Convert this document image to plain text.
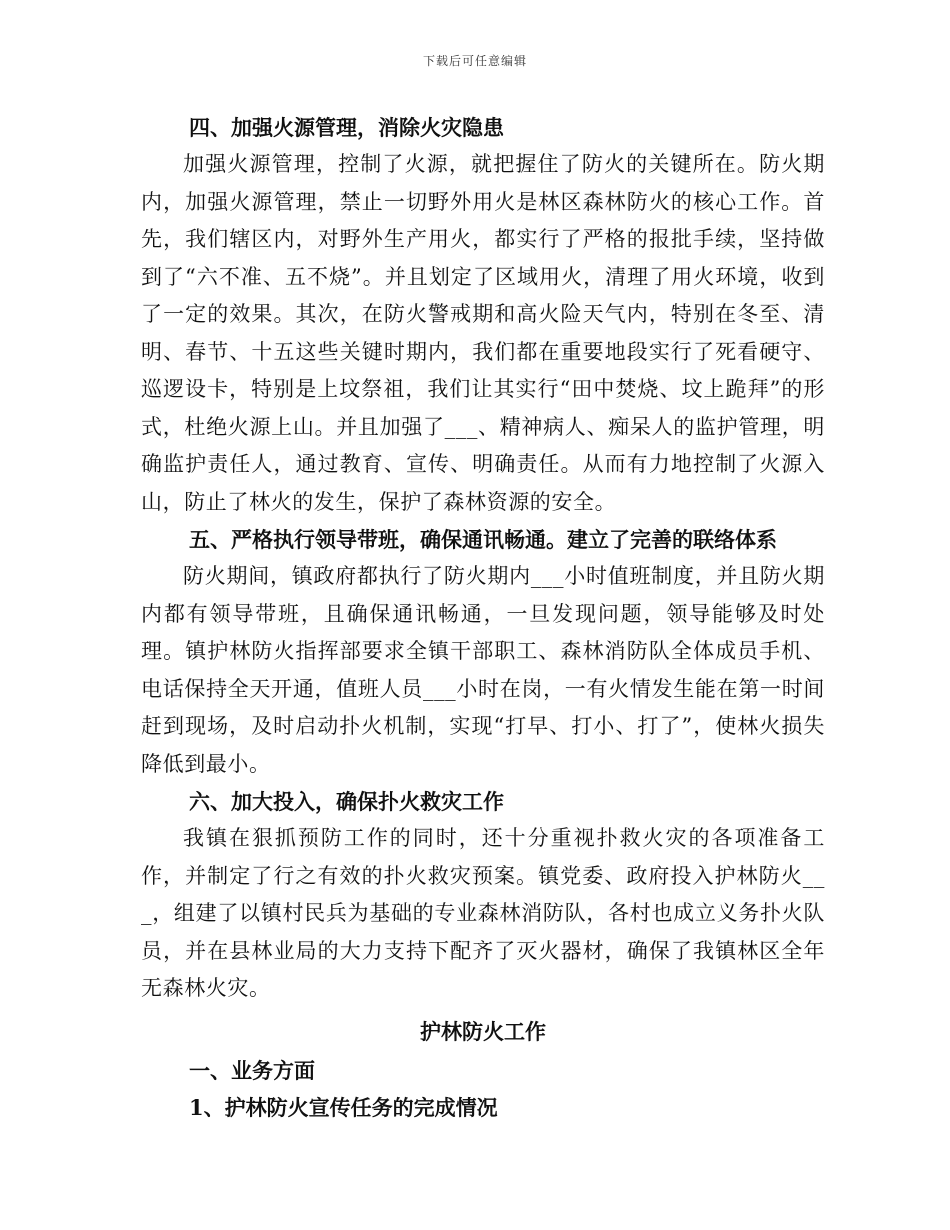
下载后可任意编辑

四、加强火源管理，消除火灾隐患

加强火源管理，控制了火源，就把握住了防火的关键所在。防火期内，加强火源管理，禁止一切野外用火是林区森林防火的核心工作。首先，我们辖区内，对野外生产用火，都实行了严格的报批手续，坚持做到了“六不准、五不烧”。并且划定了区域用火，清理了用火环境，收到了一定的效果。其次，在防火警戒期和高火险天气内，特别在冬至、清明、春节、十五这些关键时期内，我们都在重要地段实行了死看硬守、巡逻设卡，特别是上坟祭祖，我们让其实行“田中焚烧、坟上跪拜”的形式，杜绝火源上山。并且加强了___、精神病人、痴呆人的监护管理，明确监护责任人，通过教育、宣传、明确责任。从而有力地控制了火源入山，防止了林火的发生，保护了森林资源的安全。

五、严格执行领导带班，确保通讯畅通。建立了完善的联络体系

防火期间，镇政府都执行了防火期内___小时值班制度，并且防火期内都有领导带班，且确保通讯畅通，一旦发现问题，领导能够及时处理。镇护林防火指挥部要求全镇干部职工、森林消防队全体成员手机、电话保持全天开通，值班人员___小时在岗，一有火情发生能在第一时间赶到现场，及时启动扑火机制，实现“打早、打小、打了”，使林火损失降低到最小。

六、加大投入，确保扑火救灾工作

我镇在狠抓预防工作的同时，还十分重视扑救火灾的各项准备工作，并制定了行之有效的扑火救灾预案。镇党委、政府投入护林防火___，组建了以镇村民兵为基础的专业森林消防队，各村也成立义务扑火队员，并在县林业局的大力支持下配齐了灭火器材，确保了我镇林区全年无森林火灾。

护林防火工作

一、业务方面

1、护林防火宣传任务的完成情况
